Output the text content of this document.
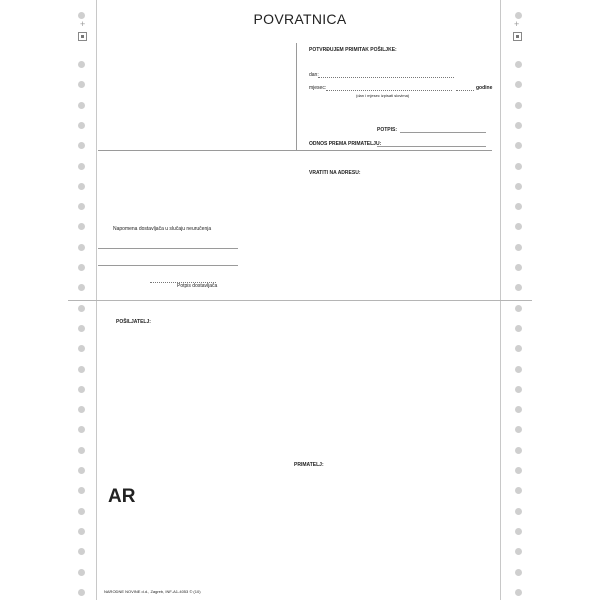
+	+
POVRATNICA
POTVRĐUJEM PRIMITAK POŠILJKE:
dan:
mjesec:	godine
(dan i mjesec izpisati slovima)
POTPIS:
ODNOS PREMA PRIMATELJU:
VRATITI NA ADRESU:
Napomena dostavljača u slučaju neuručenja
Potpis dostavljača
POŠILJATELJ:
PRIMATELJ:
AR
NARODNE NOVINE d.d., Zagreb, INF-A1-4053 © (10)
